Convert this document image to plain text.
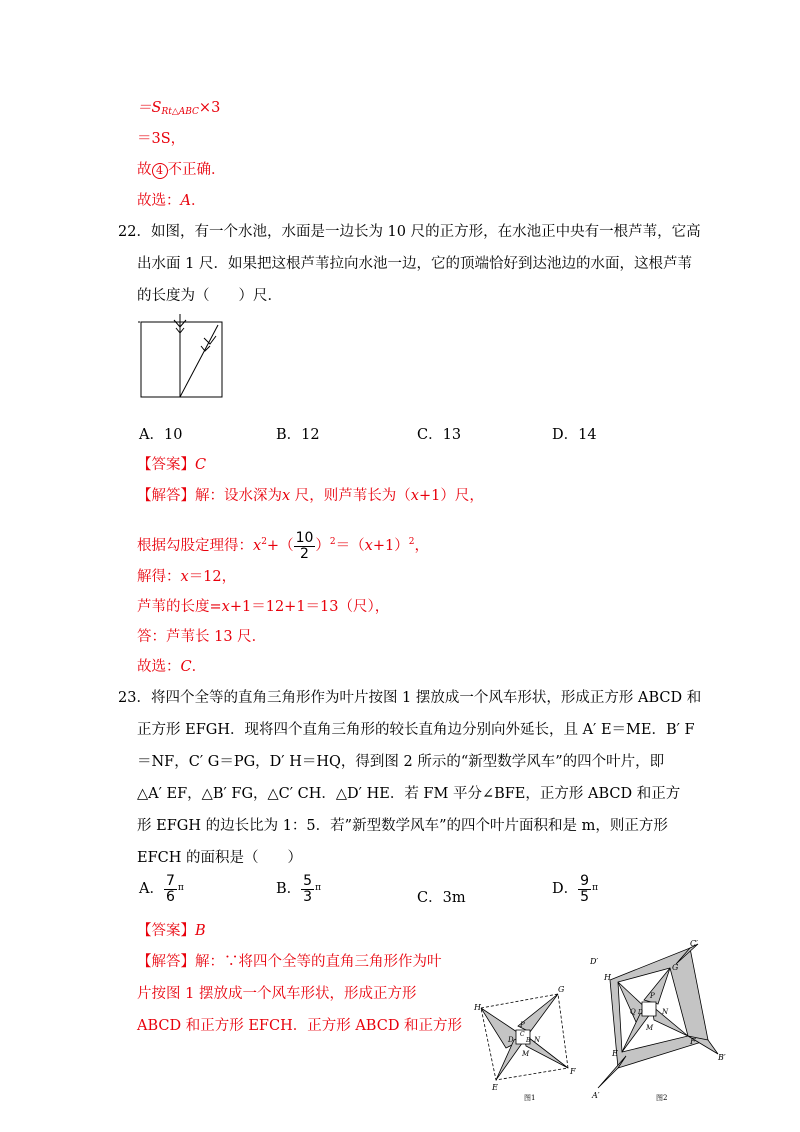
$=S_{Rt\triangle ABC}\times 3$
＝3S，
故 4 不正确．
故选：A．
22．如图，有一个水池，水面是一边长为 10 尺的正方形，在水池正中央有一根芦苇，它高
出水面 1 尺．如果把这根芦苇拉向水池一边，它的顶端恰好到达池边的水面，这根芦苇
的长度为（　　）尺．
A．10	B．12	C．13	D．14
【答案】C
【解答】解：设水深为x 尺，则芦苇长为（x+1）尺，
根据勾股定理得：$x^2+( \frac{10}{2} )^2=(x+1)^2$，
解得：x＝12，
芦苇的长度=x+1＝12+1＝13（尺），
答：芦苇长 13 尺．
故选：C．
23．将四个全等的直角三角形作为叶片按图 1 摆放成一个风车形状，形成正方形 ABCD 和
正方形 EFGH．现将四个直角三角形的较长直角边分别向外延长，且 A′ E＝ME．B′ F
＝NF，C′ G＝PG，D′ H＝HQ，得到图 2 所示的“新型数学风车”的四个叶片，即
△A′ EF，△B′ FG，△C′ CH．△D′ HE．若 FM 平分∠BFE，正方形 ABCD 和正方
形 EFGH 的边长比为 1：5．若”新型数学风车”的四个叶片面积和是 m，则正方形
EFCH 的面积是（　　）
A． $\frac{7}{6} ^\pi$	B． $\frac{5}{3} ^\pi$
C．3m
D． $\frac{9}{5} ^\pi$
【答案】B
【解答】解：∵将四个全等的直角三角形作为叶
片按图 1 摆放成一个风车形状，形成正方形
ABCD 和正方形 EFCH．正方形 ABCD 和正方形
H
G
E
F
P
D	N
M
C
B
图1
D′
C′
H
G
F
P
Q D	N
M
E
A′
B′
图2
